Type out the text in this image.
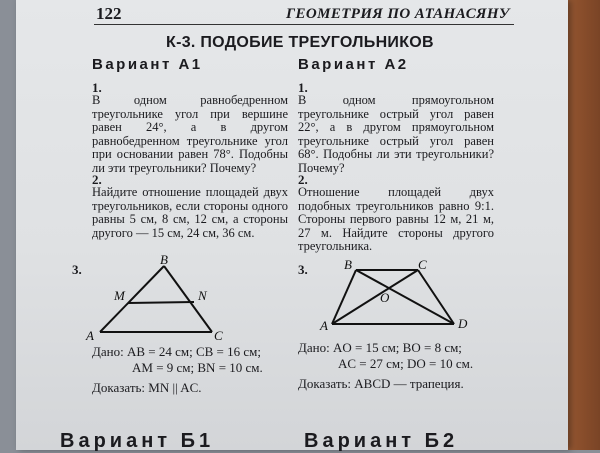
122	ГЕОМЕТРИЯ ПО АТАНАСЯНУ
К-3. ПОДОБИЕ ТРЕУГОЛЬНИКОВ
Вариант А1
1.
В одном равнобедренном треугольнике угол при вершине равен 24°, а в другом равнобедренном треугольнике угол при основании равен 78°. Подобны ли эти треугольники? Почему?
2.
Найдите отношение площадей двух треугольников, если стороны одного равны 5 см, 8 см, 12 см, а стороны другого — 15 см, 24 см, 36 см.
3.
A
B
C
M	N
Дано: AB = 24 см; CB = 16 см;
AM = 9 см; BN = 10 см.
Доказать: MN || AC.
Вариант А2
1.
В одном прямоугольном треугольнике острый угол равен 22°, а в другом прямоугольном треугольнике острый угол равен 68°. Подобны ли эти треугольники? Почему?
2.
Отношение площадей двух подобных треугольников равно 9:1. Стороны первого равны 12 м, 21 м, 27 м. Найдите стороны другого треугольника.
3.
A
B	C
D
O
Дано: AO = 15 см; BO = 8 см;
AC = 27 см; DO = 10 см.
Доказать: ABCD — трапеция.
Вариант Б1	Вариант Б2
